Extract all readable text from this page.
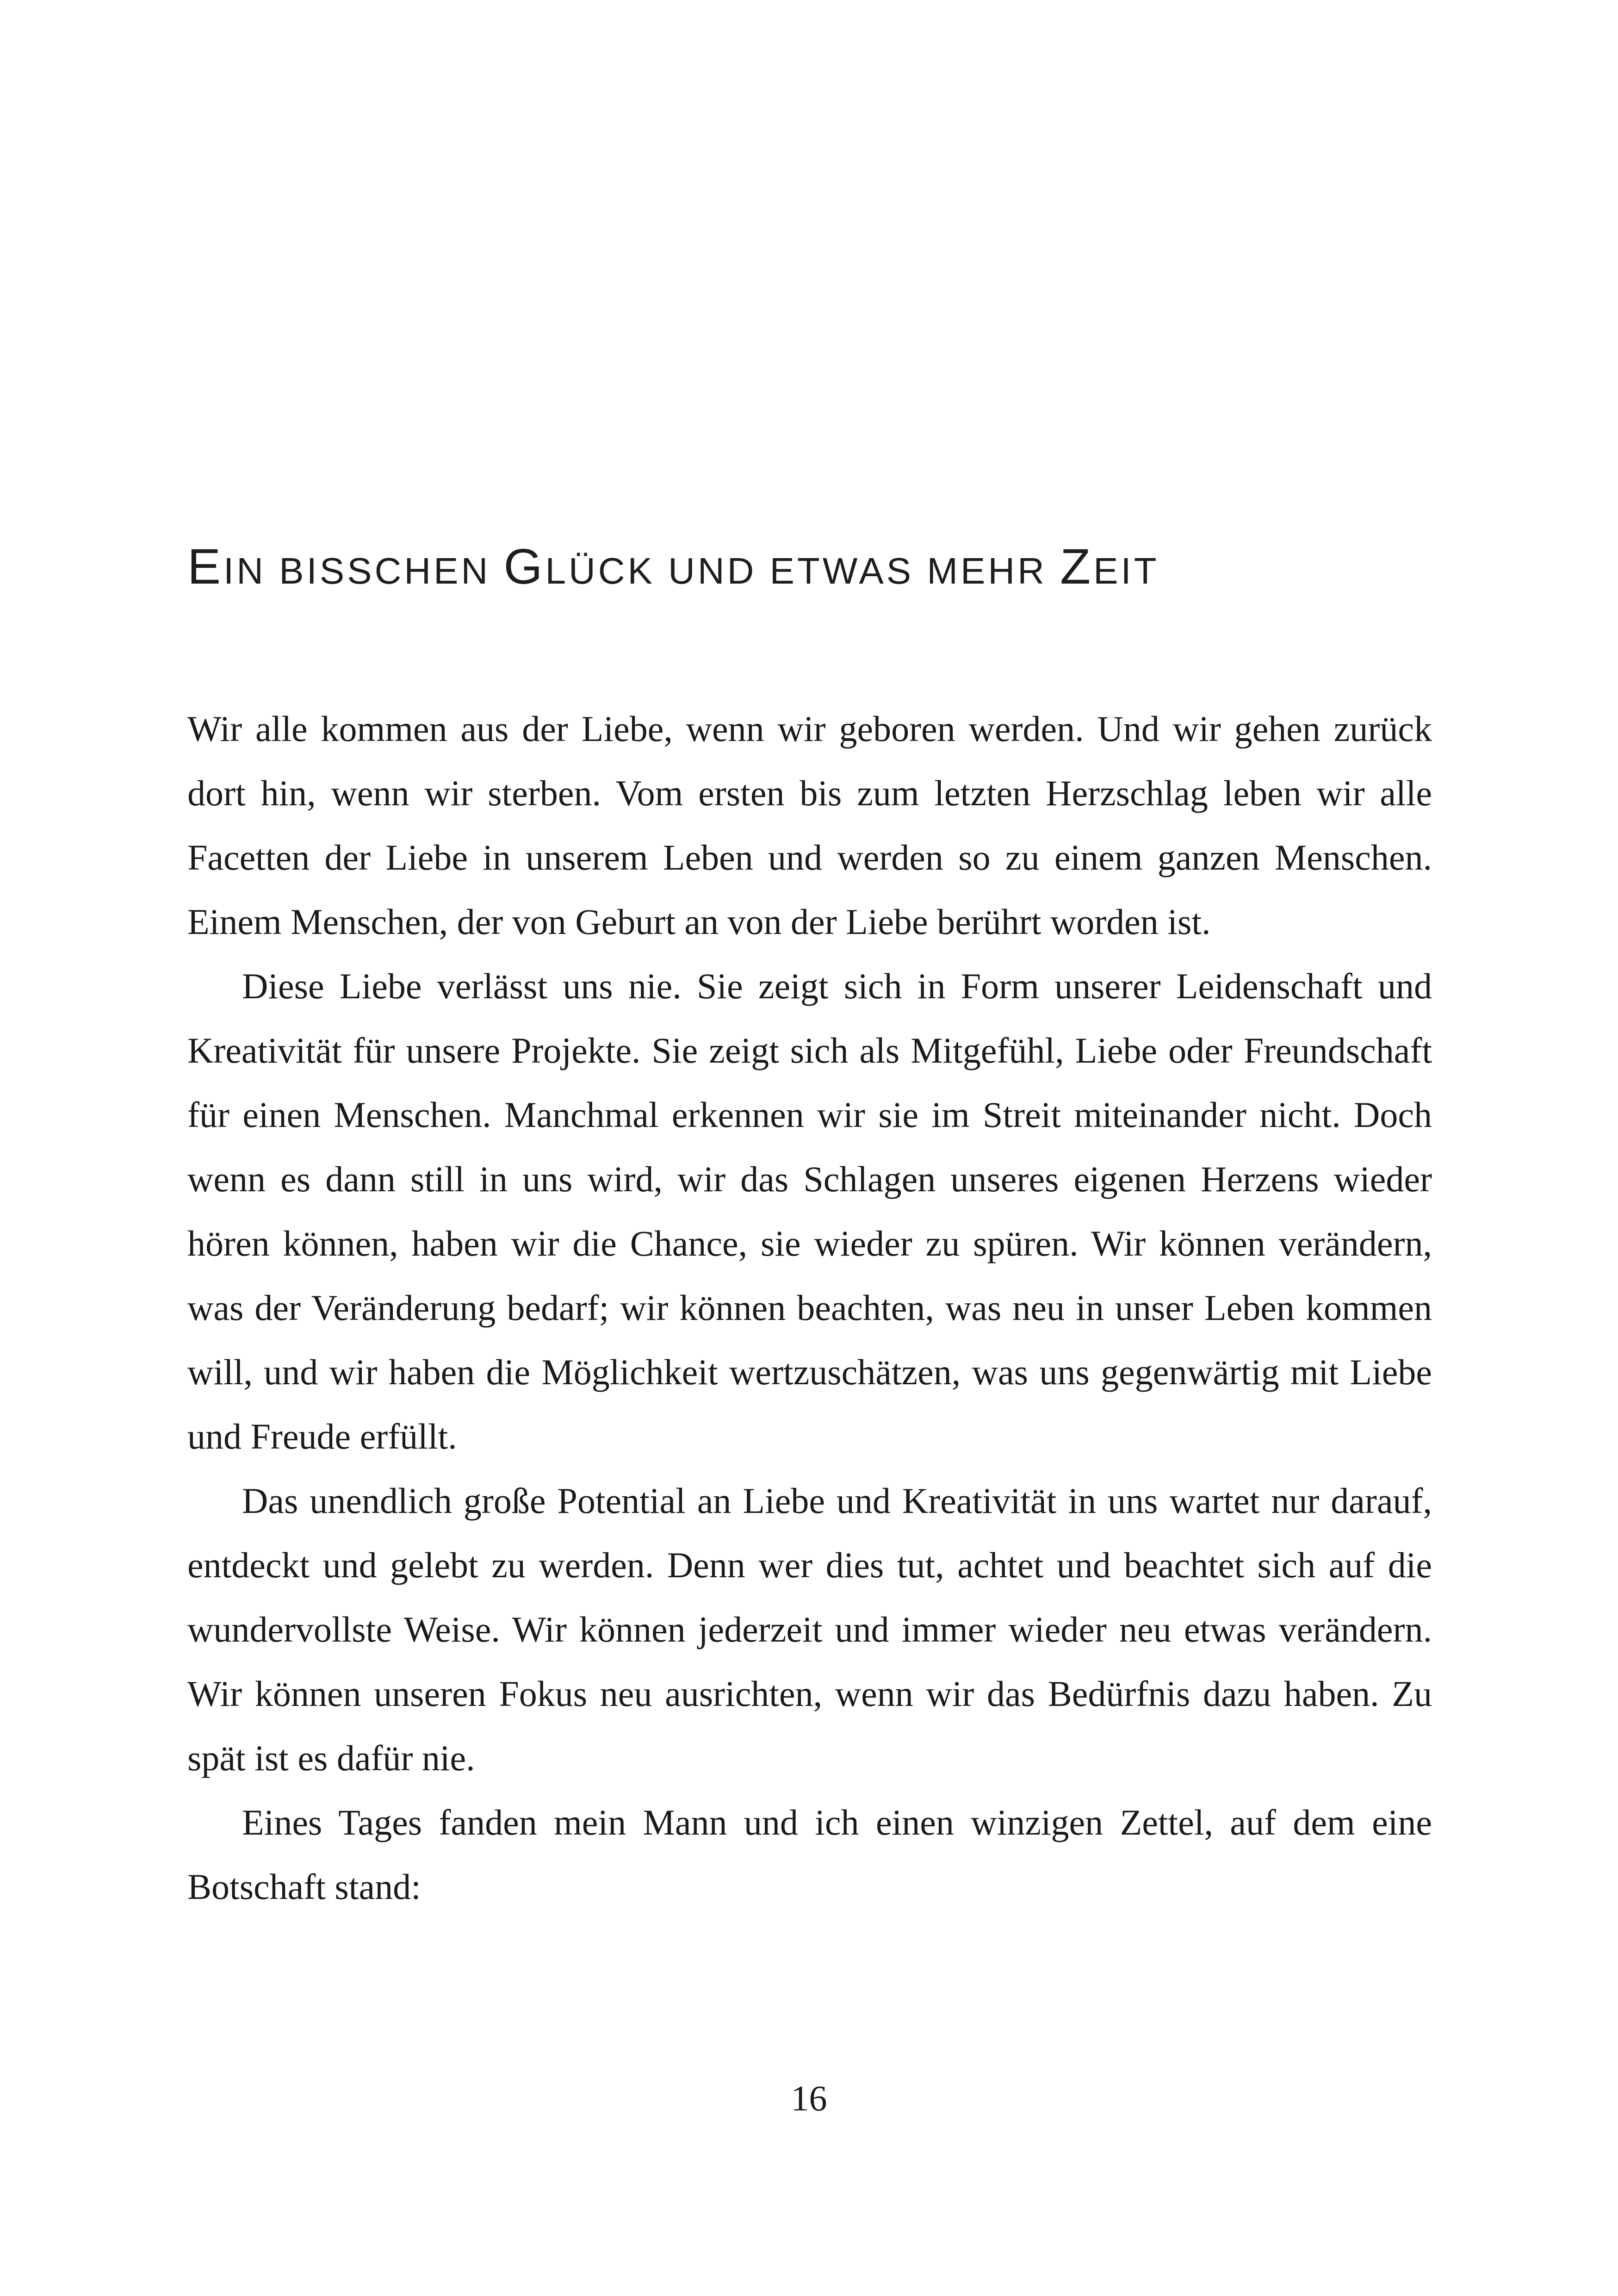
EIN BISSCHEN GLÜCK UND ETWAS MEHR ZEIT

Wir alle kommen aus der Liebe, wenn wir geboren werden. Und wir gehen zurück dort hin, wenn wir sterben. Vom ersten bis zum letzten Herzschlag leben wir alle Facetten der Liebe in unserem Leben und werden so zu einem ganzen Menschen. Einem Menschen, der von Geburt an von der Liebe berührt worden ist.

Diese Liebe verlässt uns nie. Sie zeigt sich in Form unserer Leidenschaft und Kreativität für unsere Projekte. Sie zeigt sich als Mitgefühl, Liebe oder Freundschaft für einen Menschen. Manchmal erkennen wir sie im Streit miteinander nicht. Doch wenn es dann still in uns wird, wir das Schlagen unseres eigenen Herzens wieder hören können, haben wir die Chance, sie wieder zu spüren. Wir können verändern, was der Veränderung bedarf; wir können beachten, was neu in unser Leben kommen will, und wir haben die Möglichkeit wertzuschätzen, was uns gegenwärtig mit Liebe und Freude erfüllt.

Das unendlich große Potential an Liebe und Kreativität in uns wartet nur darauf, entdeckt und gelebt zu werden. Denn wer dies tut, achtet und beachtet sich auf die wundervollste Weise. Wir können jederzeit und immer wieder neu etwas verändern. Wir können unseren Fokus neu ausrichten, wenn wir das Bedürfnis dazu haben. Zu spät ist es dafür nie.

Eines Tages fanden mein Mann und ich einen winzigen Zettel, auf dem eine Botschaft stand:

16
